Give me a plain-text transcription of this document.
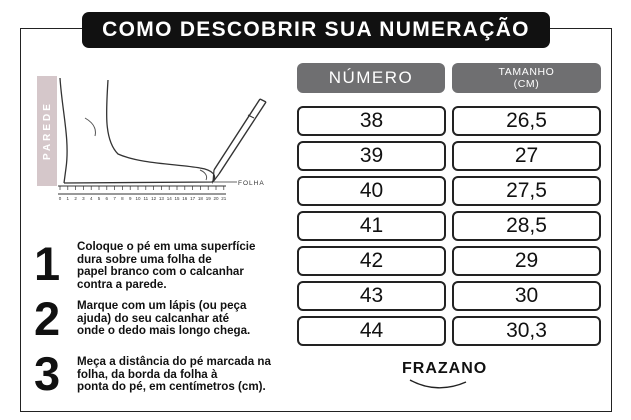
COMO DESCOBRIR SUA NUMERAÇÃO
PAREDE
FOLHA
0 1 2 3 4 5 6 7 8 9 10 11 12 13 14 15 16 17 18 19 20 21
NÚMERO	TAMANHO
(CM)
38	26,5
39	27
40	27,5
41	28,5
42	29
43	30
44	30,3
1 Coloque o pé em uma superfície
dura sobre uma folha de
papel branco com o calcanhar
contra a parede.
2 Marque com um lápis (ou peça
ajuda) do seu calcanhar até
onde o dedo mais longo chega.
3 Meça a distância do pé marcada na
folha, da borda da folha à
ponta do pé, em centímetros (cm).
FRAZANO
